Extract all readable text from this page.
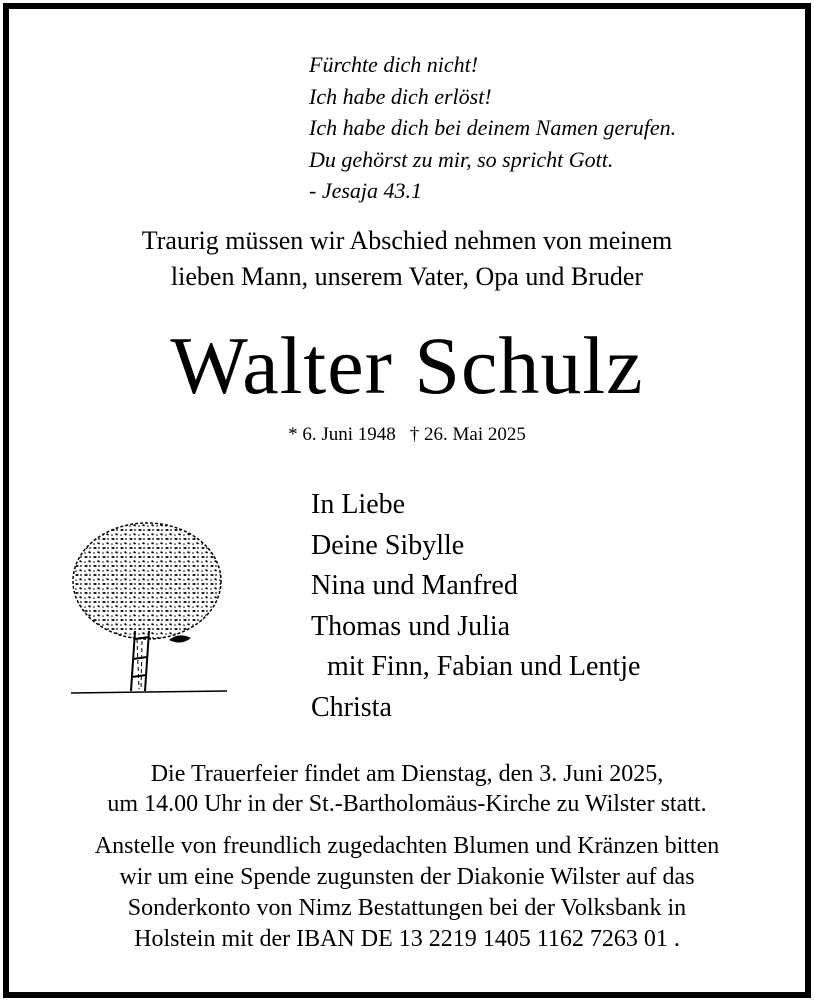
Fürchte dich nicht!
Ich habe dich erlöst!
Ich habe dich bei deinem Namen gerufen.
Du gehörst zu mir, so spricht Gott.
- Jesaja 43.1
Traurig müssen wir Abschied nehmen von meinem
lieben Mann, unserem Vater, Opa und Bruder
Walter Schulz
* 6. Juni 1948 † 26. Mai 2025
In Liebe
Deine Sibylle
Nina und Manfred
Thomas und Julia
mit Finn, Fabian und Lentje
Christa
Die Trauerfeier findet am Dienstag, den 3. Juni 2025,
um 14.00 Uhr in der St.-Bartholomäus-Kirche zu Wilster statt.
Anstelle von freundlich zugedachten Blumen und Kränzen bitten
wir um eine Spende zugunsten der Diakonie Wilster auf das
Sonderkonto von Nimz Bestattungen bei der Volksbank in
Holstein mit der IBAN DE 13 2219 1405 1162 7263 01 .
